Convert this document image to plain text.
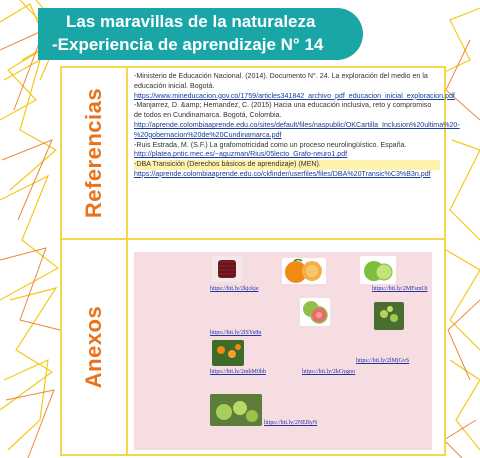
Las maravillas de la naturaleza
-Experiencia de aprendizaje N° 14
Referencias

-Ministerio de Educación Nacional. (2014). Documento N°. 24. La exploración del medio en la educación inicial. Bogotá.

https://www.mineducacion.gov.co/1759/articles341842_archivo_pdf_educacion_inicial_exploracion.pdf

-Manjarrez, D. &amp; Hernandez, C. (2015) Hacia una educación inclusiva, reto y compromiso de todos en Cundinamarca. Bogotá, Colombia.

http://aprende.colombiaaprende.edu.co/sites/default/files/naspublic/OKCartilla_Inclusion%20ultima%20-%20gobernacion%20de%20Cundinamarca.pdf

-Ruis Estrada, M. (S.F.) La grafomotricidad como un proceso neurolingüístico. España.

http://platea.pntic.mec.es/~aguzman/Rius/05lecto_Grafo-neuro1.pdf

-DBA Transición (Derechos básicos de aprendizaje) (MEN).

https://aprende.colombiaaprende.edu.co/ckfinder/userfiles/files/DBA%20Transic%C3%B3n.pdf

Anexos
https://bit.ly/2kjckje	https://bit.ly/2MFsmOi
https://bit.ly/2lSYe8n
https://bit.ly/2mbM0bh	https://bit.ly/2kGygoo
https://bit.ly/2lMjGvS
https://bit.ly/2NEByN
